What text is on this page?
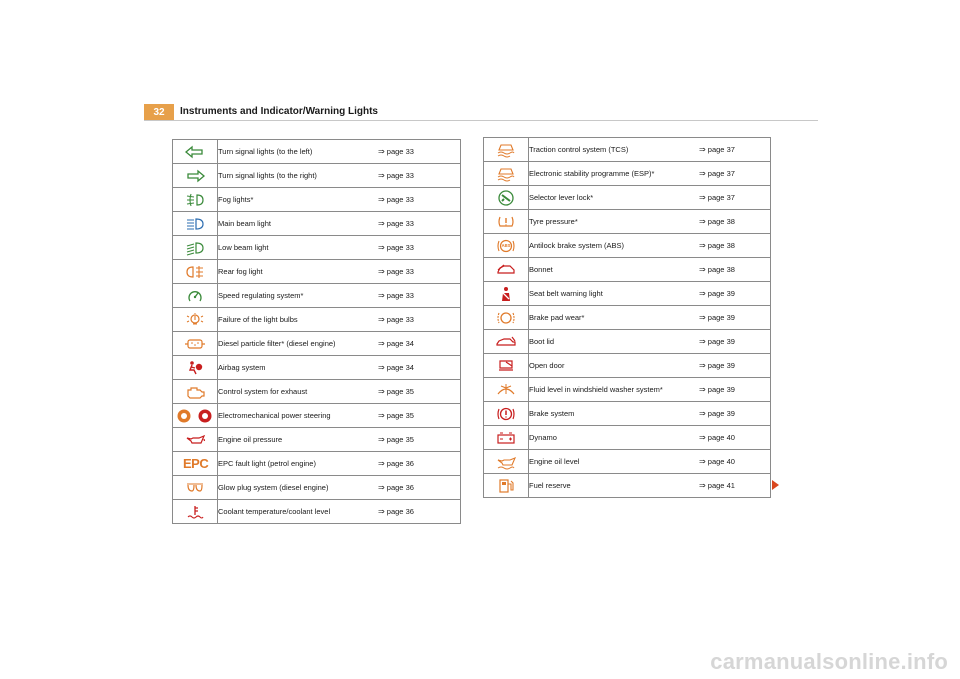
32	Instruments and Indicator/Warning Lights
	Turn signal lights (to the left)	⇒ page 33
	Turn signal lights (to the right)	⇒ page 33
	Fog lights*	⇒ page 33
	Main beam light	⇒ page 33
	Low beam light	⇒ page 33
	Rear fog light	⇒ page 33
	Speed regulating system*	⇒ page 33
	Failure of the light bulbs	⇒ page 33
	Diesel particle filter* (diesel engine)	⇒ page 34
	Airbag system	⇒ page 34
	Control system for exhaust	⇒ page 35
	Electromechanical power steering	⇒ page 35
	Engine oil pressure	⇒ page 35
EPC	EPC fault light (petrol engine)	⇒ page 36
	Glow plug system (diesel engine)	⇒ page 36
	Coolant temperature/coolant level	⇒ page 36
	Traction control system (TCS)	⇒ page 37
	Electronic stability programme (ESP)*	⇒ page 37
	Selector lever lock*	⇒ page 37
	Tyre pressure*	⇒ page 38

ABS	Antilock brake system (ABS)	⇒ page 38
	Bonnet	⇒ page 38
	Seat belt warning light	⇒ page 39
	Brake pad wear*	⇒ page 39
	Boot lid	⇒ page 39
	Open door	⇒ page 39
	Fluid level in windshield washer system*	⇒ page 39
	Brake system	⇒ page 39
	Dynamo	⇒ page 40
	Engine oil level	⇒ page 40
	Fuel reserve	⇒ page 41
carmanualsonline.info
